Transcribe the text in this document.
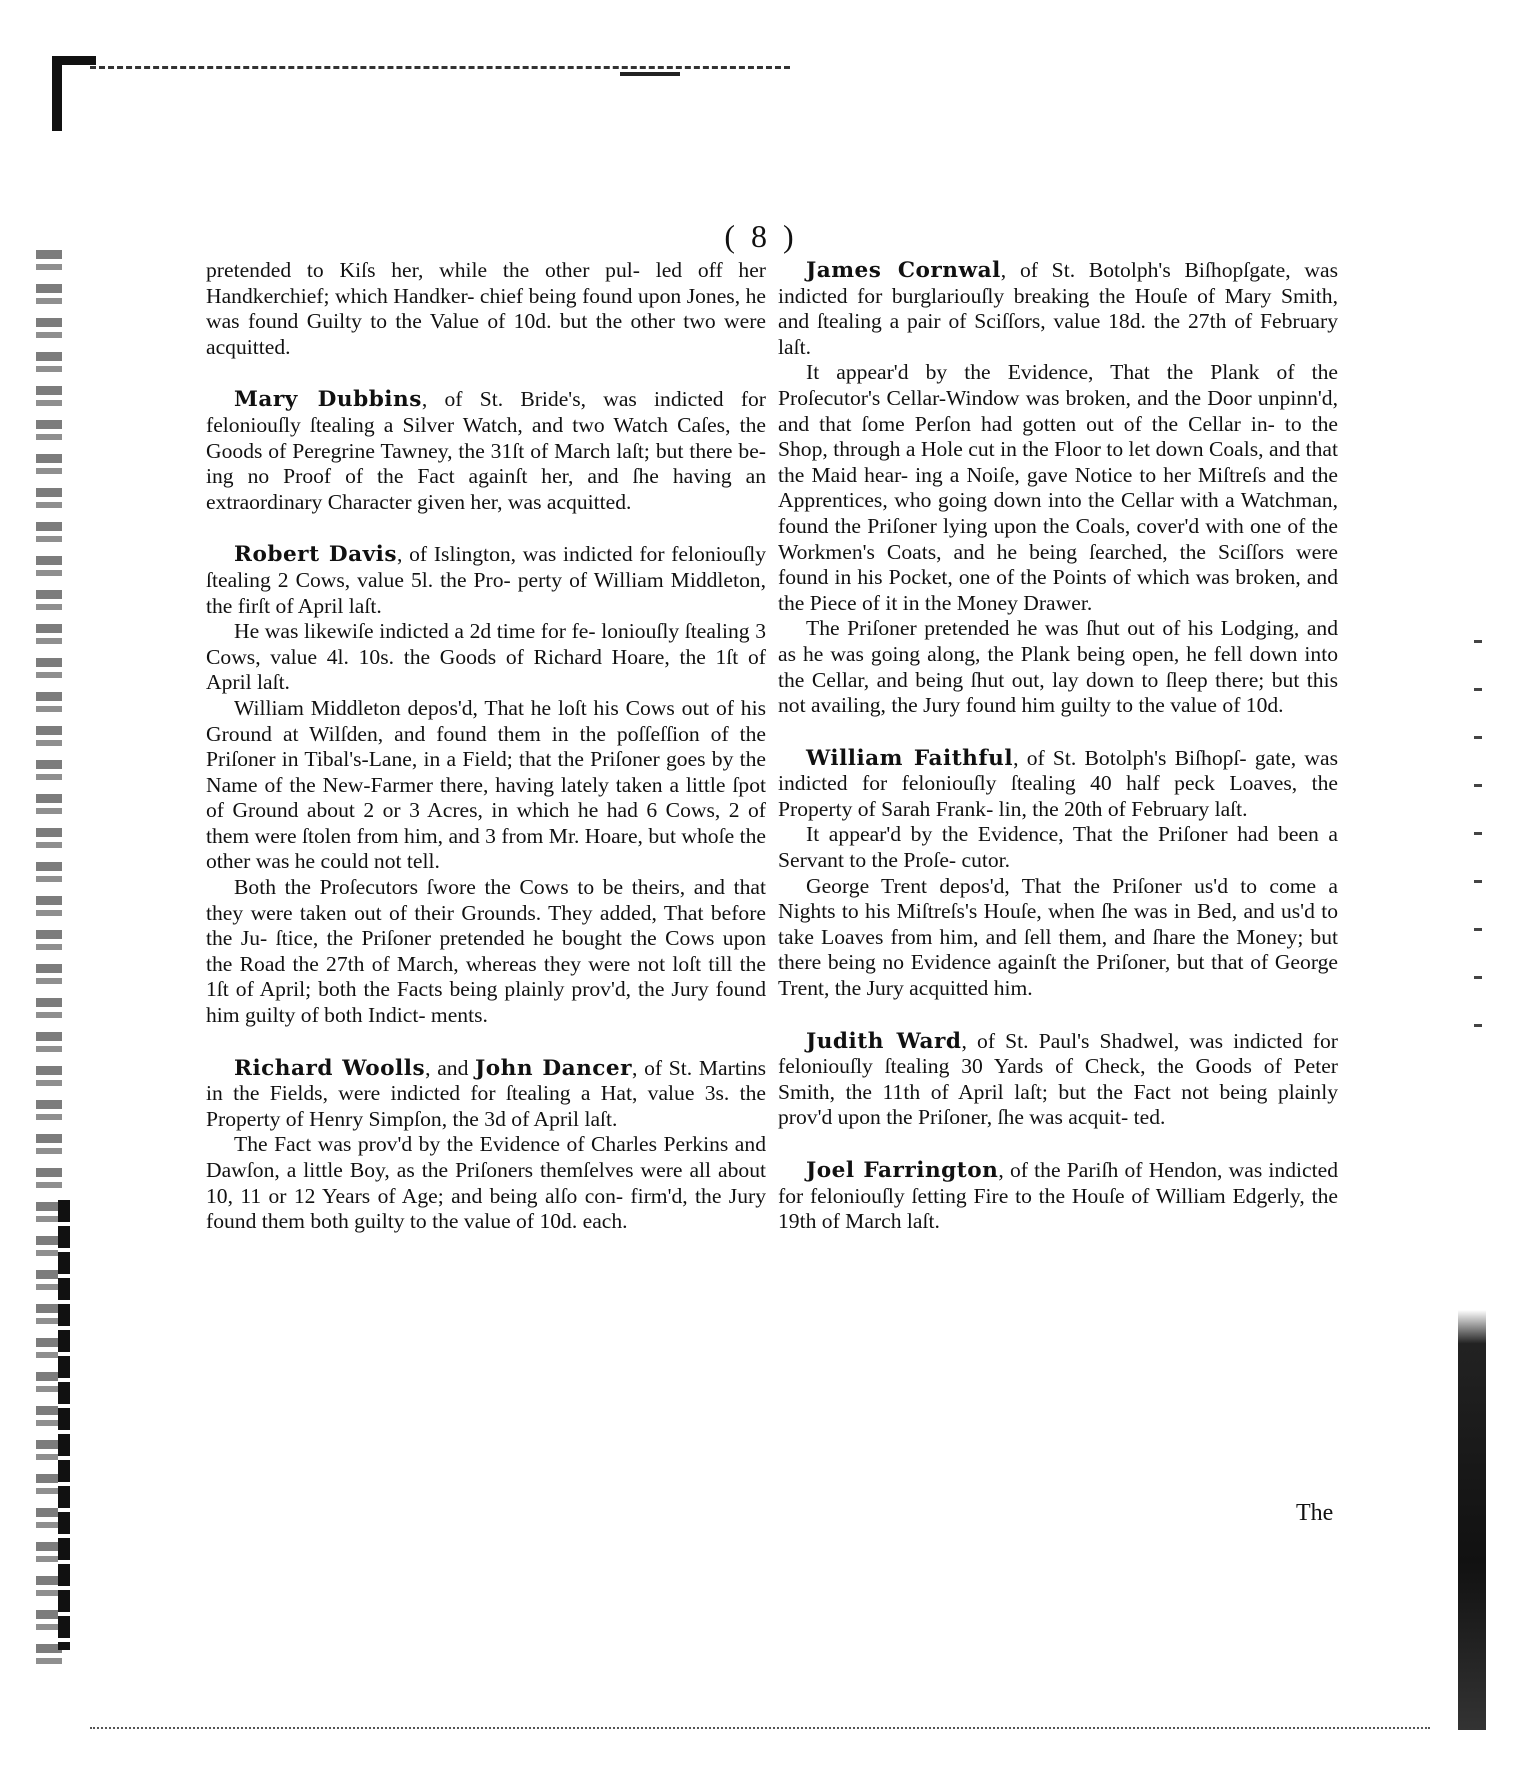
( 8 )

pretended to Kiſs her, while the other pul- led off her Handkerchief; which Handker- chief being found upon Jones, he was found Guilty to the Value of 10d. but the other two were acquitted.

Mary Dubbins, of St. Bride's, was indicted for feloniouſly ſtealing a Silver Watch, and two Watch Caſes, the Goods of Peregrine Tawney, the 31ſt of March laſt; but there be- ing no Proof of the Fact againſt her, and ſhe having an extraordinary Character given her, was acquitted.

Robert Davis, of Islington, was indicted for feloniouſly ſtealing 2 Cows, value 5l. the Pro- perty of William Middleton, the firſt of April laſt.

He was likewiſe indicted a 2d time for fe- loniouſly ſtealing 3 Cows, value 4l. 10s. the Goods of Richard Hoare, the 1ſt of April laſt.

William Middleton depos'd, That he loſt his Cows out of his Ground at Wilſden, and found them in the poſſeſſion of the Priſoner in Tibal's-Lane, in a Field; that the Priſoner goes by the Name of the New-Farmer there, having lately taken a little ſpot of Ground about 2 or 3 Acres, in which he had 6 Cows, 2 of them were ſtolen from him, and 3 from Mr. Hoare, but whoſe the other was he could not tell.

Both the Proſecutors ſwore the Cows to be theirs, and that they were taken out of their Grounds. They added, That before the Ju- ſtice, the Priſoner pretended he bought the Cows upon the Road the 27th of March, whereas they were not loſt till the 1ſt of April; both the Facts being plainly prov'd, the Jury found him guilty of both Indict- ments.

Richard Woolls, and John Dancer, of St. Martins in the Fields, were indicted for ſtealing a Hat, value 3s. the Property of Henry Simpſon, the 3d of April laſt.

The Fact was prov'd by the Evidence of Charles Perkins and Dawſon, a little Boy, as the Priſoners themſelves were all about 10, 11 or 12 Years of Age; and being alſo con- firm'd, the Jury found them both guilty to the value of 10d. each.

James Cornwal, of St. Botolph's Biſhopſgate, was indicted for burglariouſly breaking the Houſe of Mary Smith, and ſtealing a pair of Sciſſors, value 18d. the 27th of February laſt.

It appear'd by the Evidence, That the Plank of the Proſecutor's Cellar-Window was broken, and the Door unpinn'd, and that ſome Perſon had gotten out of the Cellar in- to the Shop, through a Hole cut in the Floor to let down Coals, and that the Maid hear- ing a Noiſe, gave Notice to her Miſtreſs and the Apprentices, who going down into the Cellar with a Watchman, found the Priſoner lying upon the Coals, cover'd with one of the Workmen's Coats, and he being ſearched, the Sciſſors were found in his Pocket, one of the Points of which was broken, and the Piece of it in the Money Drawer.

The Priſoner pretended he was ſhut out of his Lodging, and as he was going along, the Plank being open, he fell down into the Cellar, and being ſhut out, lay down to ſleep there; but this not availing, the Jury found him guilty to the value of 10d.

William Faithful, of St. Botolph's Biſhopſ- gate, was indicted for feloniouſly ſtealing 40 half peck Loaves, the Property of Sarah Frank- lin, the 20th of February laſt.

It appear'd by the Evidence, That the Priſoner had been a Servant to the Proſe- cutor.

George Trent depos'd, That the Priſoner us'd to come a Nights to his Miſtreſs's Houſe, when ſhe was in Bed, and us'd to take Loaves from him, and ſell them, and ſhare the Money; but there being no Evidence againſt the Priſoner, but that of George Trent, the Jury acquitted him.

Judith Ward, of St. Paul's Shadwel, was indicted for feloniouſly ſtealing 30 Yards of Check, the Goods of Peter Smith, the 11th of April laſt; but the Fact not being plainly prov'd upon the Priſoner, ſhe was acquit- ted.

Joel Farrington, of the Pariſh of Hendon, was indicted for feloniouſly ſetting Fire to the Houſe of William Edgerly, the 19th of March laſt.

The
